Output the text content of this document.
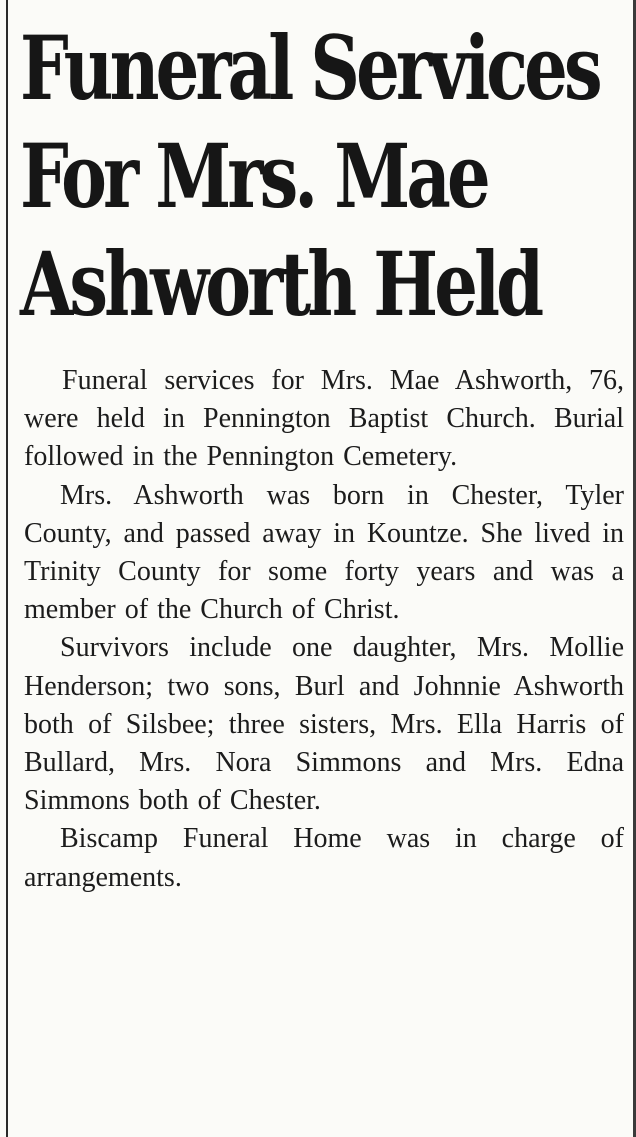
Funeral Services
For Mrs. Mae
Ashworth Held

Funeral services for Mrs. Mae Ashworth, 76, were held in Pennington Baptist Church. Burial followed in the Pennington Cemetery.

Mrs. Ashworth was born in Chester, Tyler County, and passed away in Kountze. She lived in Trinity County for some forty years and was a member of the Church of Christ.

Survivors include one daughter, Mrs. Mollie Henderson; two sons, Burl and Johnnie Ashworth both of Silsbee; three sisters, Mrs. Ella Harris of Bullard, Mrs. Nora Simmons and Mrs. Edna Simmons both of Chester.

Biscamp Funeral Home was in charge of arrangements.
